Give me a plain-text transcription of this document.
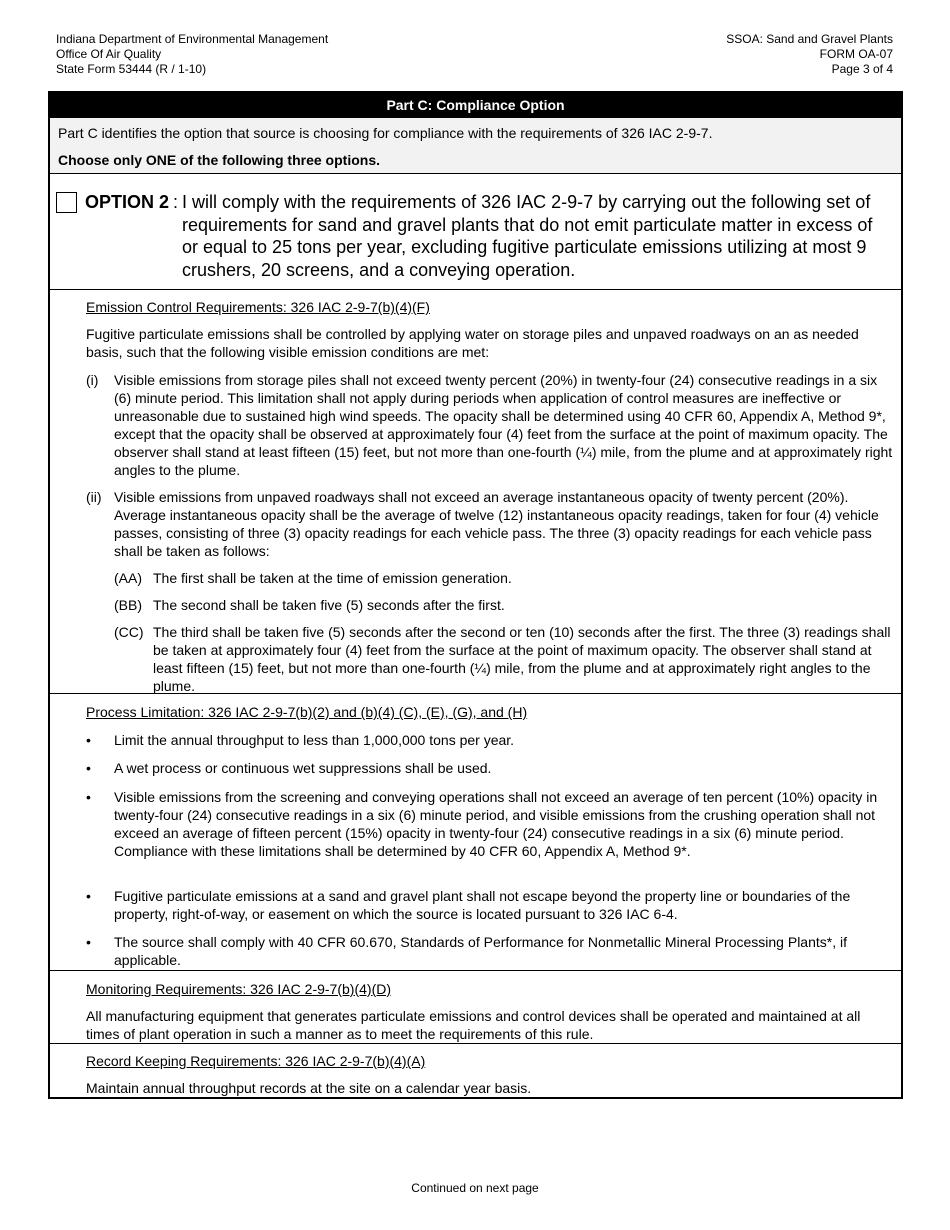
Indiana Department of Environmental Management
Office Of Air Quality
State Form 53444 (R / 1-10)
SSOA: Sand and Gravel Plants
FORM OA-07
Page 3 of 4
Part C: Compliance Option

Part C identifies the option that source is choosing for compliance with the requirements of 326 IAC 2-9-7.

Choose only ONE of the following three options.

OPTION 2 : I will comply with the requirements of 326 IAC 2-9-7 by carrying out the following set of requirements for sand and gravel plants that do not emit particulate matter in excess of or equal to 25 tons per year, excluding fugitive particulate emissions utilizing at most 9 crushers, 20 screens, and a conveying operation.
Emission Control Requirements: 326 IAC 2-9-7(b)(4)(F)
Fugitive particulate emissions shall be controlled by applying water on storage piles and unpaved roadways on an as needed basis, such that the following visible emission conditions are met:
(i) Visible emissions from storage piles shall not exceed twenty percent (20%) in twenty-four (24) consecutive readings in a six (6) minute period. This limitation shall not apply during periods when application of control measures are ineffective or unreasonable due to sustained high wind speeds. The opacity shall be determined using 40 CFR 60, Appendix A, Method 9*, except that the opacity shall be observed at approximately four (4) feet from the surface at the point of maximum opacity. The observer shall stand at least fifteen (15) feet, but not more than one-fourth (¼) mile, from the plume and at approximately right angles to the plume.
(ii) Visible emissions from unpaved roadways shall not exceed an average instantaneous opacity of twenty percent (20%). Average instantaneous opacity shall be the average of twelve (12) instantaneous opacity readings, taken for four (4) vehicle passes, consisting of three (3) opacity readings for each vehicle pass. The three (3) opacity readings for each vehicle pass shall be taken as follows:
(AA) The first shall be taken at the time of emission generation.
(BB) The second shall be taken five (5) seconds after the first.
(CC) The third shall be taken five (5) seconds after the second or ten (10) seconds after the first. The three (3) readings shall be taken at approximately four (4) feet from the surface at the point of maximum opacity. The observer shall stand at least fifteen (15) feet, but not more than one-fourth (¼) mile, from the plume and at approximately right angles to the plume.
Process Limitation: 326 IAC 2-9-7(b)(2) and (b)(4) (C), (E), (G), and (H)
• Limit the annual throughput to less than 1,000,000 tons per year.
• A wet process or continuous wet suppressions shall be used.
• Visible emissions from the screening and conveying operations shall not exceed an average of ten percent (10%) opacity in twenty-four (24) consecutive readings in a six (6) minute period, and visible emissions from the crushing operation shall not exceed an average of fifteen percent (15%) opacity in twenty-four (24) consecutive readings in a six (6) minute period. Compliance with these limitations shall be determined by 40 CFR 60, Appendix A, Method 9*.
• Fugitive particulate emissions at a sand and gravel plant shall not escape beyond the property line or boundaries of the property, right-of-way, or easement on which the source is located pursuant to 326 IAC 6-4.
• The source shall comply with 40 CFR 60.670, Standards of Performance for Nonmetallic Mineral Processing Plants*, if applicable.
Monitoring Requirements: 326 IAC 2-9-7(b)(4)(D)
All manufacturing equipment that generates particulate emissions and control devices shall be operated and maintained at all times of plant operation in such a manner as to meet the requirements of this rule.
Record Keeping Requirements: 326 IAC 2-9-7(b)(4)(A)
Maintain annual throughput records at the site on a calendar year basis.
Continued on next page
